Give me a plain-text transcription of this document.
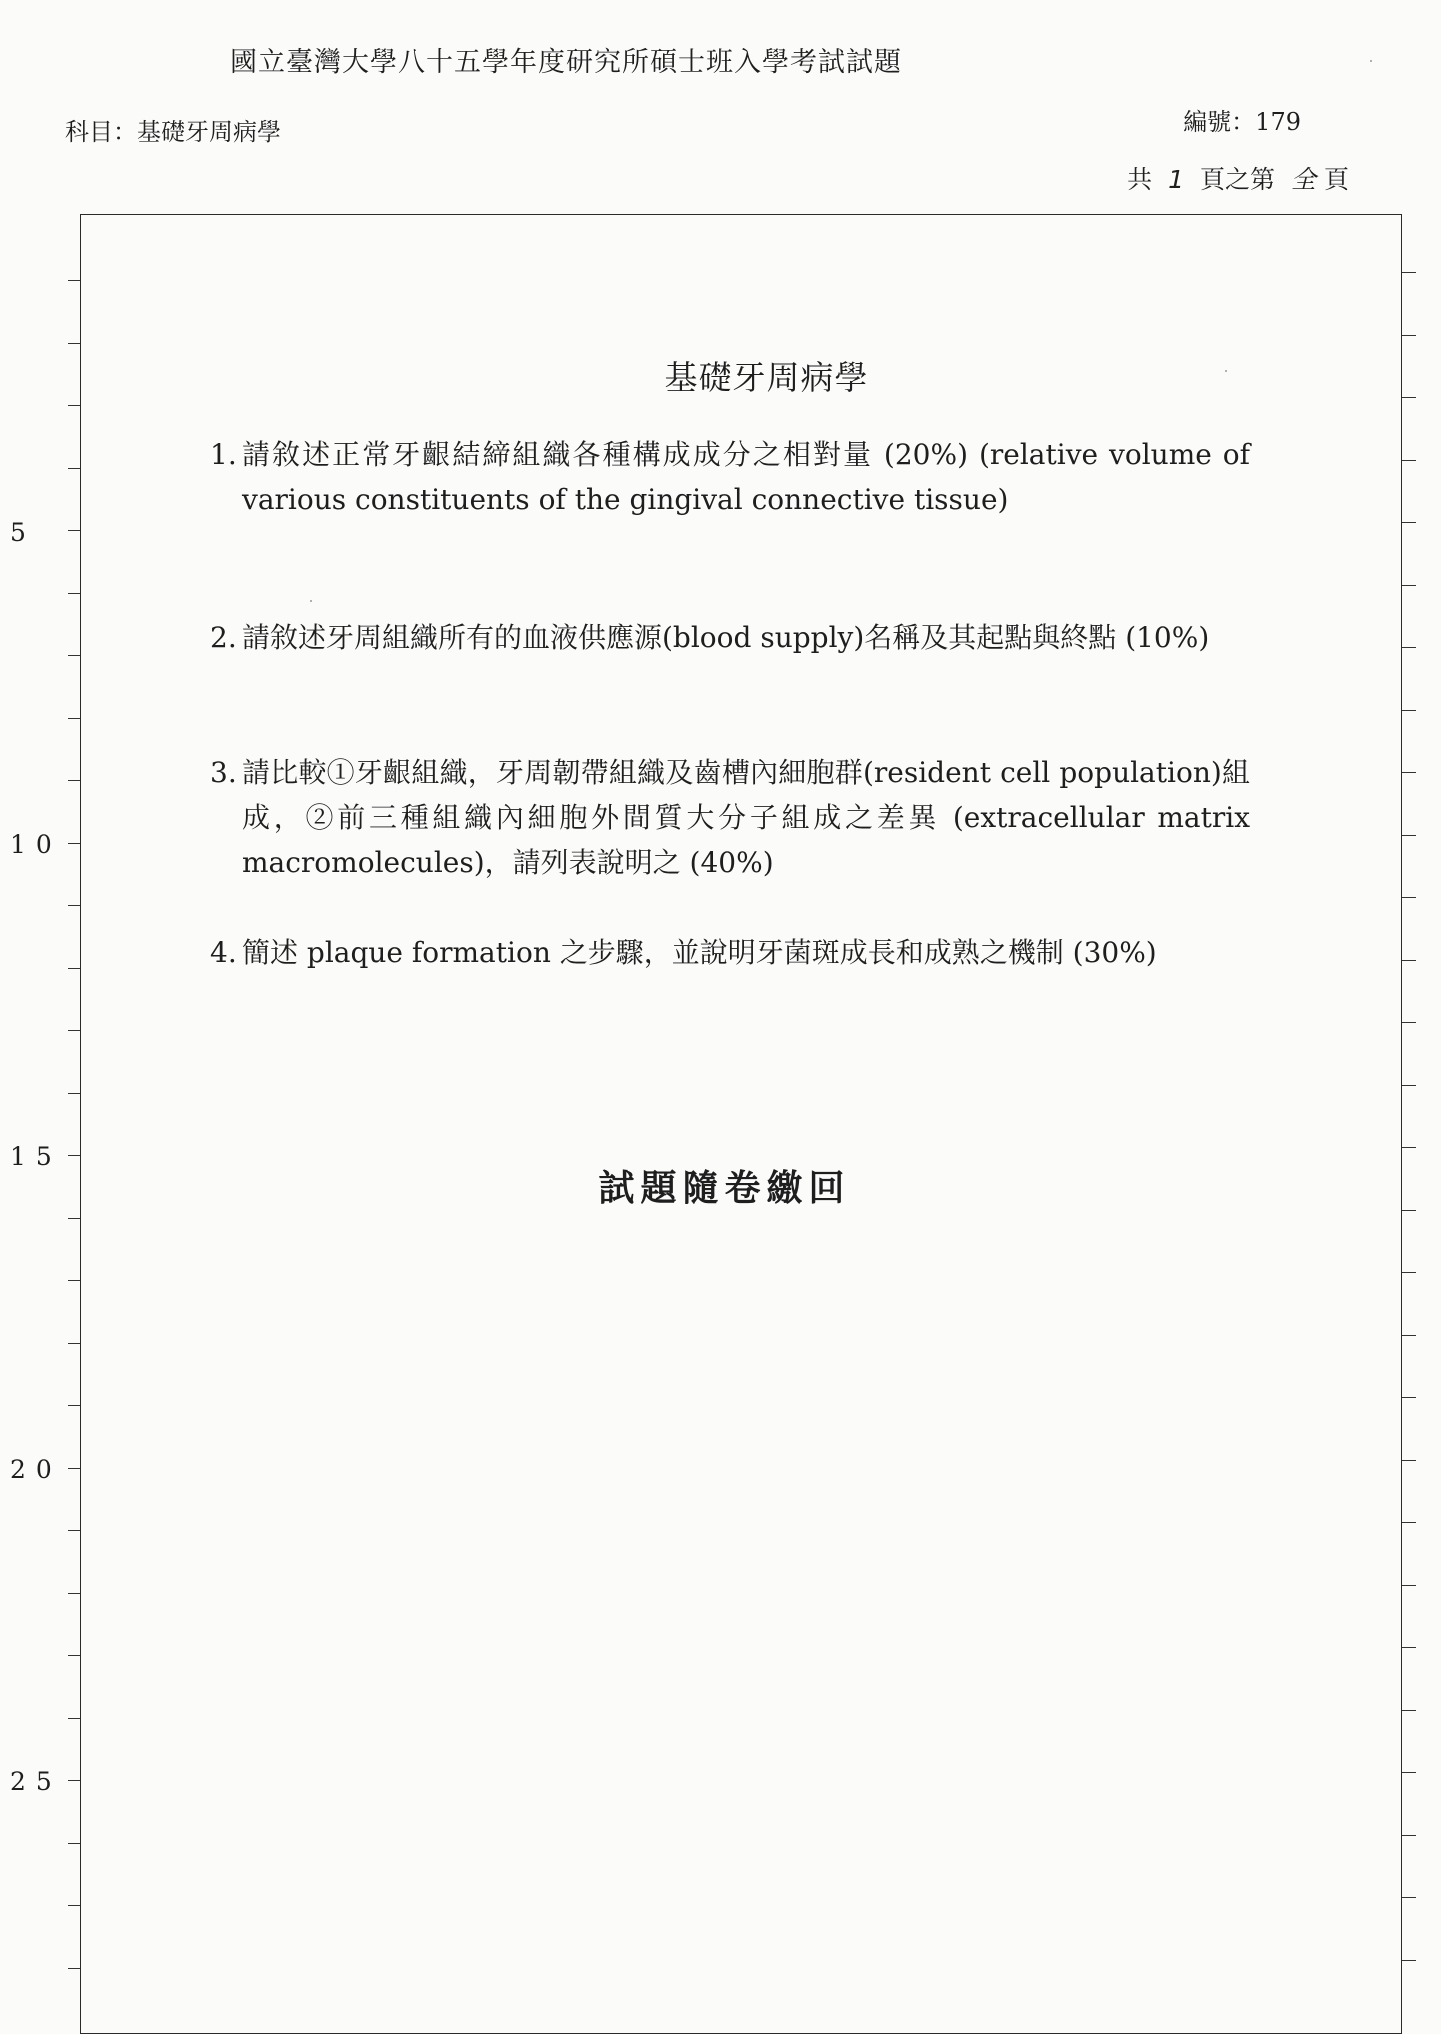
國立臺灣大學八十五學年度研究所碩士班入學考試試題
科目：基礎牙周病學	編號：179
共 1 頁之第 全 頁
5
10
15
20
25
基礎牙周病學
1. 請敘述正常牙齦結締組織各種構成成分之相對量 (20%) (relative volume of various constituents of the gingival connective tissue)
2. 請敘述牙周組織所有的血液供應源(blood supply)名稱及其起點與終點 (10%)
3. 請比較①牙齦組織，牙周韌帶組織及齒槽內細胞群(resident cell population)組成，②前三種組織內細胞外間質大分子組成之差異 (extracellular matrix macromolecules)，請列表說明之 (40%)
4. 簡述 plaque formation 之步驟，並說明牙菌斑成長和成熟之機制 (30%)
試題隨卷繳回
